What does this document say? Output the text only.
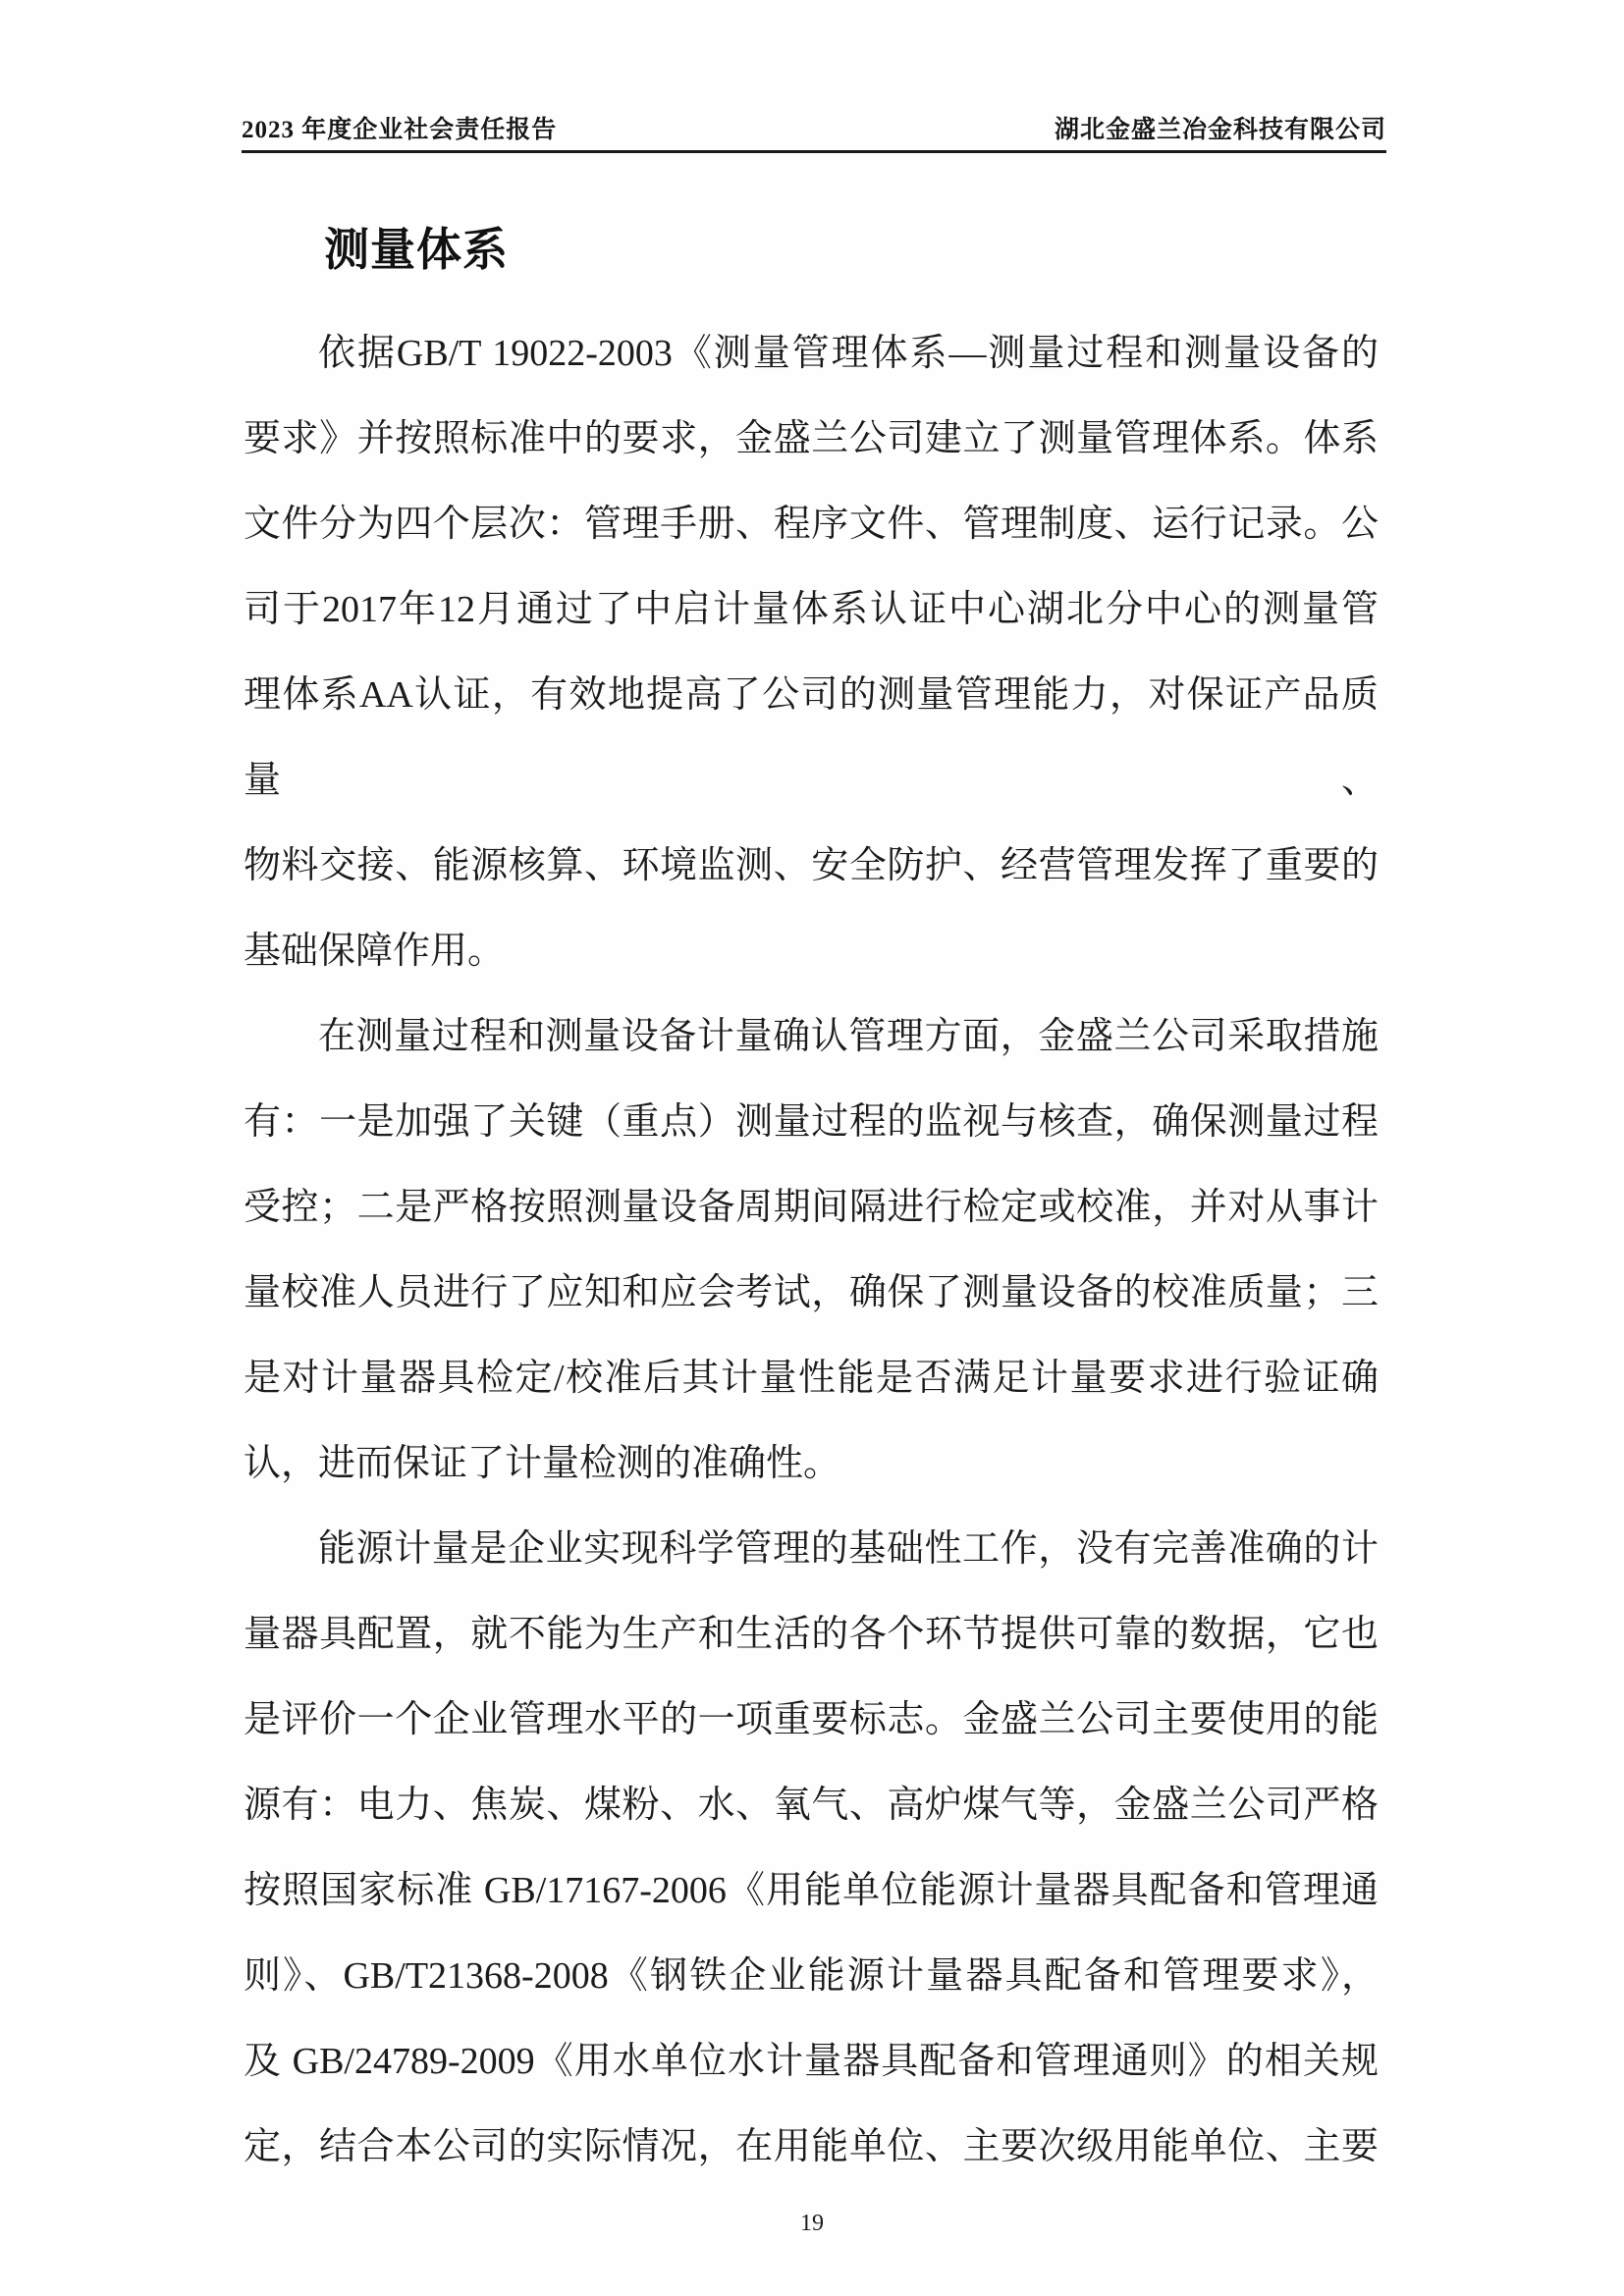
2023 年度企业社会责任报告	湖北金盛兰冶金科技有限公司
测量体系
依据GB/T 19022-2003《测量管理体系—测量过程和测量设备的
要求》并按照标准中的要求，金盛兰公司建立了测量管理体系。体系
文件分为四个层次：管理手册、程序文件、管理制度、运行记录。公
司于2017年12月通过了中启计量体系认证中心湖北分中心的测量管
理体系AA认证，有效地提高了公司的测量管理能力，对保证产品质量、
物料交接、能源核算、环境监测、安全防护、经营管理发挥了重要的
基础保障作用。
在测量过程和测量设备计量确认管理方面，金盛兰公司采取措施
有：一是加强了关键（重点）测量过程的监视与核查，确保测量过程
受控；二是严格按照测量设备周期间隔进行检定或校准，并对从事计
量校准人员进行了应知和应会考试，确保了测量设备的校准质量；三
是对计量器具检定/校准后其计量性能是否满足计量要求进行验证确
认，进而保证了计量检测的准确性。
能源计量是企业实现科学管理的基础性工作，没有完善准确的计
量器具配置，就不能为生产和生活的各个环节提供可靠的数据，它也
是评价一个企业管理水平的一项重要标志。金盛兰公司主要使用的能
源有：电力、焦炭、煤粉、水、氧气、高炉煤气等，金盛兰公司严格
按照国家标准 GB/17167-2006《用能单位能源计量器具配备和管理通
则》、GB/T21368-2008《钢铁企业能源计量器具配备和管理要求》，
及 GB/24789-2009《用水单位水计量器具配备和管理通则》的相关规
定，结合本公司的实际情况，在用能单位、主要次级用能单位、主要
19
